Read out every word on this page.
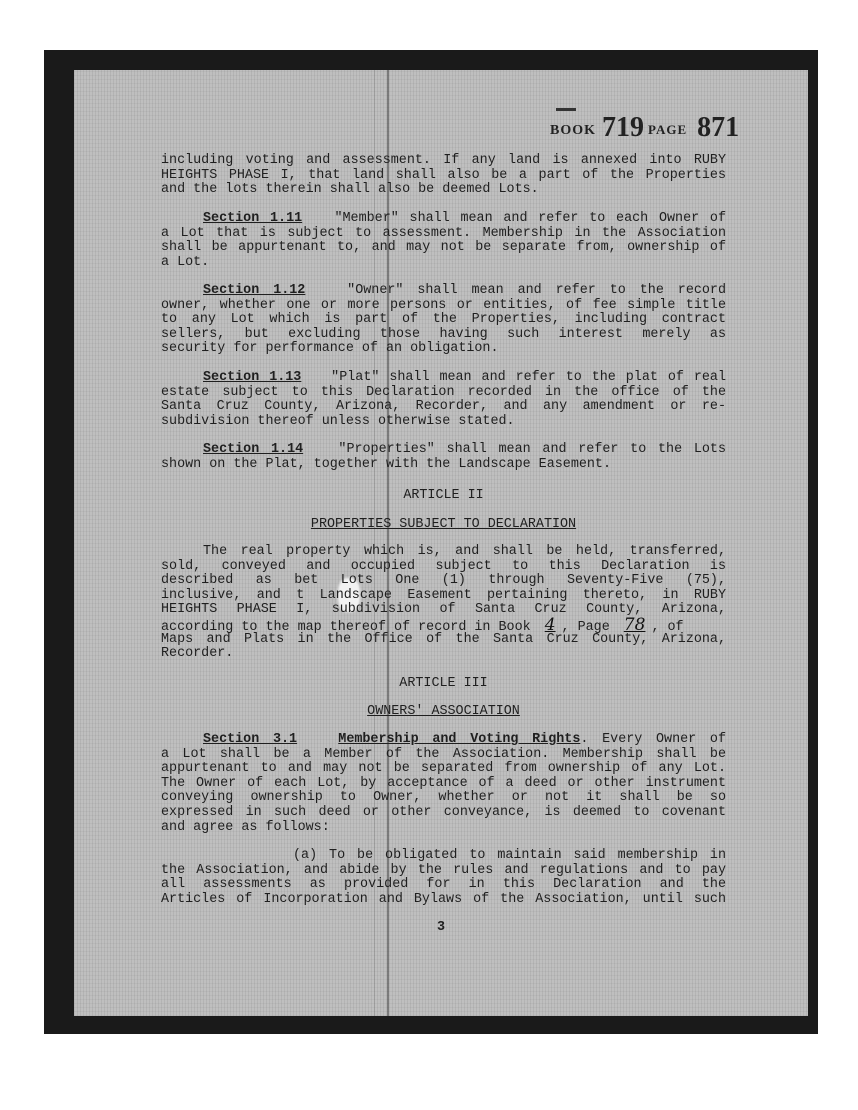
BOOK 719 PAGE 871
including voting and assessment. If any land is annexed into RUBY
HEIGHTS PHASE I, that land shall also be a part of the Properties
and the lots therein shall also be deemed Lots.
Section 1.11 "Member" shall mean and refer to each Owner of
a Lot that is subject to assessment. Membership in the Association
shall be appurtenant to, and may not be separate from, ownership of
a Lot.
Section 1.12	"Owner" shall mean and refer to the record
owner, whether one or more persons or entities, of fee simple title
to any Lot which is part of the Properties, including contract
sellers, but excluding those having such interest merely as
security for performance of an obligation.
Section 1.13 "Plat" shall mean and refer to the plat of real
estate subject to this Declaration recorded in the office of the
Santa Cruz County, Arizona, Recorder, and any amendment or re-
subdivision thereof unless otherwise stated.
Section 1.14	"Properties" shall mean and refer to the Lots
shown on the Plat, together with the Landscape Easement.
ARTICLE II
PROPERTIES SUBJECT TO DECLARATION
The real property which is, and shall be held, transferred,
sold, conveyed and occupied subject to this Declaration is
described as bet Lots One (1) through Seventy-Five (75),
inclusive, and t Landscape Easement pertaining thereto, in RUBY
HEIGHTS PHASE I, subdivision of Santa Cruz County, Arizona,
according to the map thereof of record in Book 4 , Page 78 , of
Maps and Plats in the Office of the Santa Cruz County, Arizona,
Recorder.
ARTICLE III
OWNERS' ASSOCIATION
Section 3.1	Membership and Voting Rights. Every Owner of
a Lot shall be a Member of the Association. Membership shall be
appurtenant to and may not be separated from ownership of any Lot.
The Owner of each Lot, by acceptance of a deed or other instrument
conveying ownership to Owner, whether or not it shall be so
expressed in such deed or other conveyance, is deemed to covenant
and agree as follows:
(a) To be obligated to maintain said membership in
the Association, and abide by the rules and regulations and to pay
all assessments as provided for in this Declaration and the
Articles of Incorporation and Bylaws of the Association, until such
3
